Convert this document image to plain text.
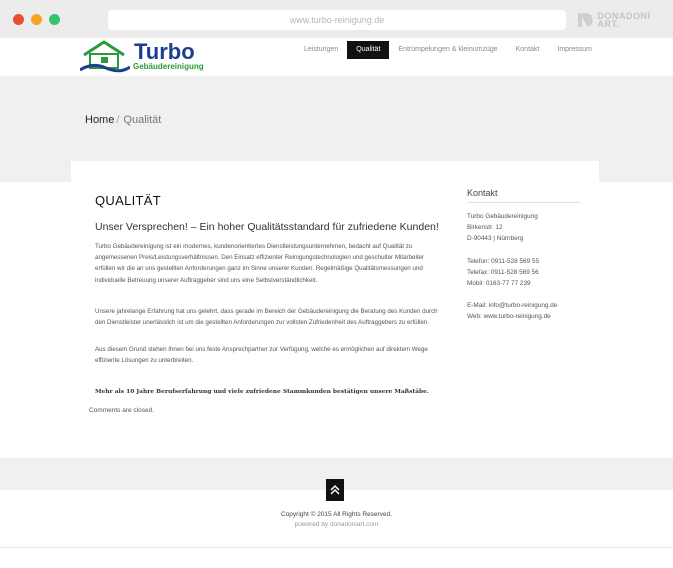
www.turbo-reinigung.de	DONADONI ART.
Turbo
Gebäudereinigung
Leistungen	Qualität	Entrümpelungen & kleinumzüge	Kontakt	Impressum
Home / Qualität
QUALITÄT
Unser Versprechen! – Ein hoher Qualitätsstandard für zufriedene Kunden!

Turbo Gebäudereinigung ist ein modernes, kundenorientiertes Dienstleistungsunternehmen, bedacht auf Qualität zu angemessenen Preis/Leistungsverhältnissen. Den Einsatz effizienter Reinigungstechnologien und geschulter Mitarbeiter erfüllen wir die an uns gestellten Anforderungen ganz im Sinne unserer Kunden. Regelmäßige Qualitätsmessungen und individuelle Betreuung unserer Auftraggeber sind uns eine Selbstverständlichkeit.

Unsere jahrelange Erfahrung hat uns gelehrt, dass gerade im Bereich der Gebäudereinigung die Beratung des Kunden durch den Dienstleister unerlässlich ist um die gestellten Anforderungen zur vollsten Zufriedenheit des Auftraggebers zu erfüllen.

Aus diesem Grund stehen Ihnen bei uns feste Ansprechpartner zur Verfügung, welche es ermöglichen auf direktem Wege effiziente Lösungen zu unterbreiten.

Mehr als 10 Jahre Berufserfahrung und viele zufriedene Stammkunden bestätigen unsere Maßstäbe.
Comments are closed.
Kontakt
Turbo Gebäudereinigung
Birkenstr. 12
D-90443 | Nürnberg
Telefon: 0911-528 569 55
Telefax: 0911-528 569 56
Mobil: 0163-77 77 239
E-Mail: info@turbo-reinigung.de
Web: www.turbo-reinigung.de
Copyright © 2015 All Rights Reserved.
powered by donadoniart.com
